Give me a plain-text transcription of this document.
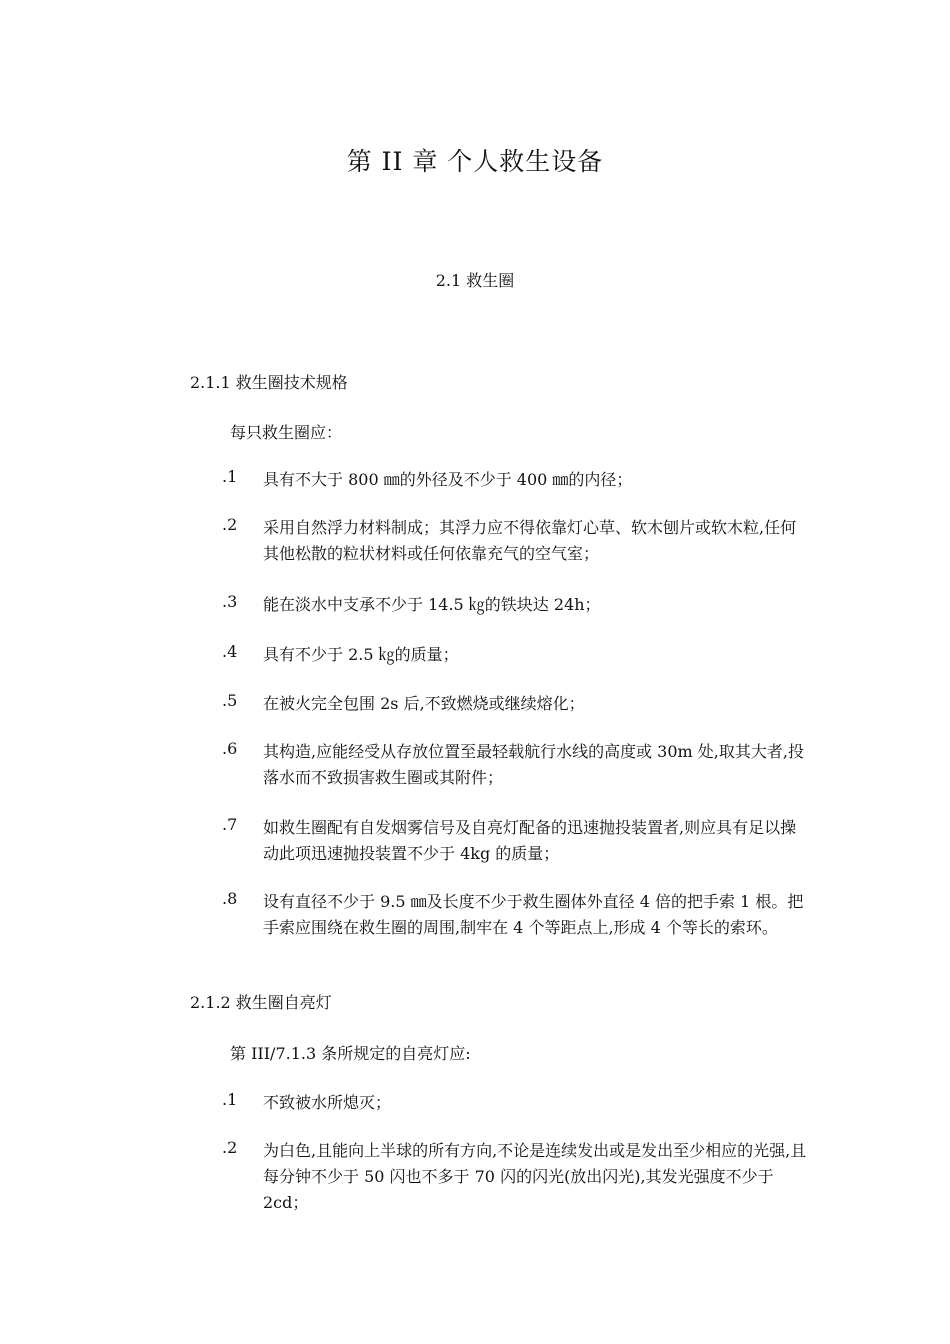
第 II 章 个人救生设备
2.1 救生圈
2.1.1 救生圈技术规格
每只救生圈应：
.1	具有不大于 800 ㎜的外径及不少于 400 ㎜的内径；
.2	采用自然浮力材料制成；其浮力应不得依靠灯心草、软木刨片或软木粒,任何其他松散的粒状材料或任何依靠充气的空气室；
.3	能在淡水中支承不少于 14.5 ㎏的铁块达 24h；
.4	具有不少于 2.5 ㎏的质量；
.5	在被火完全包围 2s 后,不致燃烧或继续熔化；
.6	其构造,应能经受从存放位置至最轻载航行水线的高度或 30m 处,取其大者,投落水而不致损害救生圈或其附件；
.7	如救生圈配有自发烟雾信号及自亮灯配备的迅速抛投装置者,则应具有足以操动此项迅速抛投装置不少于 4kg 的质量；
.8	设有直径不少于 9.5 ㎜及长度不少于救生圈体外直径 4 倍的把手索 1 根。把手索应围绕在救生圈的周围,制牢在 4 个等距点上,形成 4 个等长的索环。
2.1.2 救生圈自亮灯
第 III/7.1.3 条所规定的自亮灯应:
.1	不致被水所熄灭；
.2	为白色,且能向上半球的所有方向,不论是连续发出或是发出至少相应的光强,且每分钟不少于 50 闪也不多于 70 闪的闪光(放出闪光),其发光强度不少于 2cd；
